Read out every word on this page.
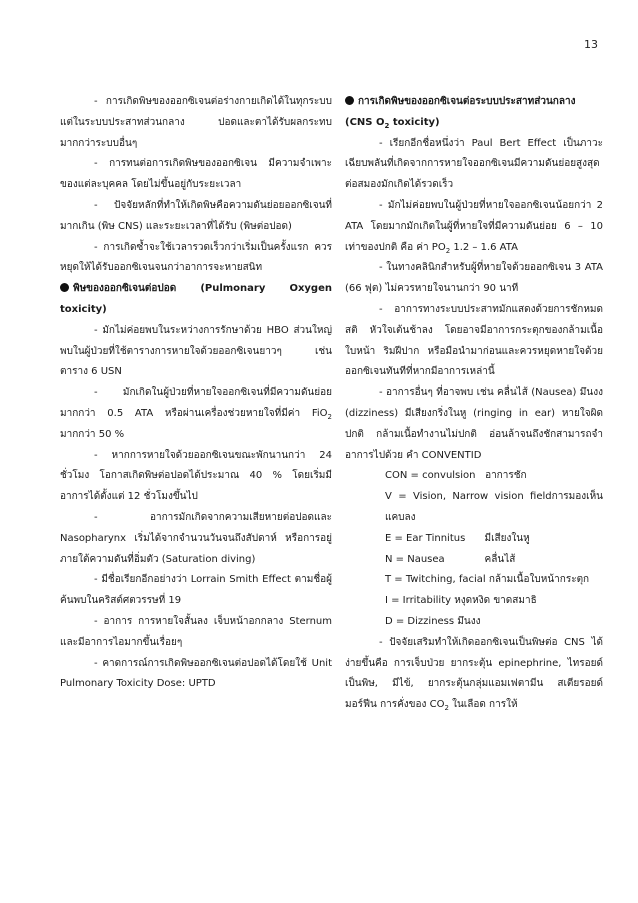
13

- การเกิดพิษของออกซิเจนต่อร่างกายเกิดได้ในทุกระบบแต่ในระบบประสาทส่วนกลาง ปอดและตาได้รับผลกระทบมากกว่าระบบอื่นๆ

- การทนต่อการเกิดพิษของออกซิเจน มีความจำเพาะของแต่ละบุคคล โดยไม่ขึ้นอยู่กับระยะเวลา

- ปัจจัยหลักที่ทำให้เกิดพิษคือความดันย่อยออกซิเจนที่มากเกิน (พิษ CNS) และระยะเวลาที่ได้รับ (พิษต่อปอด)

- การเกิดซ้ำจะใช้เวลารวดเร็วกว่าเริ่มเป็นครั้งแรก ควรหยุดให้ได้รับออกซิเจนจนกว่าอาการจะหายสนิท

พิษของออกซิเจนต่อปอด (Pulmonary Oxygen toxicity)

- มักไม่ค่อยพบในระหว่างการรักษาด้วย HBO ส่วนใหญ่พบในผู้ป่วยที่ใช้ตารางการหายใจด้วยออกซิเจนยาวๆ เช่น ตาราง 6 USN

- มักเกิดในผู้ป่วยที่หายใจออกซิเจนที่มีความดันย่อยมากกว่า 0.5 ATA หรือผ่านเครื่องช่วยหายใจที่มีค่า FiO$_2$ มากกว่า 50 %

- หากการหายใจด้วยออกซิเจนขณะพักนานกว่า 24 ชั่วโมง โอกาสเกิดพิษต่อปอดได้ประมาณ 40 % โดยเริ่มมีอาการได้ตั้งแต่ 12 ชั่วโมงขึ้นไป

- อาการมักเกิดจากความเสียหายต่อปอดและ Nasopharynx เริ่มได้จากจำนวนวันจนถึงสัปดาห์ หรือการอยู่ภายใต้ความดันที่อิ่มตัว (Saturation diving)

- มีชื่อเรียกอีกอย่างว่า Lorrain Smith Effect ตามชื่อผู้ค้นพบในคริสต์ศตวรรษที่ 19

- อาการ การหายใจสั้นลง เจ็บหน้าอกกลาง Sternum และมีอาการไอมากขึ้นเรื่อยๆ

- คาดการณ์การเกิดพิษออกซิเจนต่อปอดได้โดยใช้ Unit Pulmonary Toxicity Dose: UPTD

การเกิดพิษของออกซิเจนต่อระบบประสาทส่วนกลาง (CNS $O_2$ toxicity)

- เรียกอีกชื่อหนึ่งว่า Paul Bert Effect เป็นภาวะเฉียบพลันที่เกิดจากการหายใจออกซิเจนมีความดันย่อยสูงสุดต่อสมองมักเกิดได้รวดเร็ว

- มักไม่ค่อยพบในผู้ป่วยที่หายใจออกซิเจนน้อยกว่า 2 ATA โดยมากมักเกิดในผู้ที่หายใจที่มีความดันย่อย 6 – 10 เท่าของปกติ คือ ค่า $PO_2$ 1.2 – 1.6 ATA

- ในทางคลินิกสำหรับผู้ที่หายใจด้วยออกซิเจน 3 ATA (66 ฟุต) ไม่ควรหายใจนานกว่า 90 นาที

- อาการทางระบบประสาทมักแสดงด้วยการชักหมดสติ หัวใจเต้นช้าลง โดยอาจมีอาการกระตุกของกล้ามเนื้อ ใบหน้า ริมฝีปาก หรือมือนำมาก่อนและควรหยุดหายใจด้วยออกซิเจนทันทีที่หากมีอาการเหล่านี้

- อาการอื่นๆ ที่อาจพบ เช่น คลื่นไส้ (Nausea) มึนงง (dizziness) มีเสียงกริ่งในหู (ringing in ear) หายใจผิดปกติ กล้ามเนื้อทำงานไม่ปกติ อ่อนล้าจนถึงชักสามารถจำอาการไปด้วย คำ CONVENTID

CON = convulsion อาการชัก

V = Vision, Narrow vision fieldการมองเห็นแคบลง

E = Ear Tinnitus มีเสียงในหู

N = Nausea	คลื่นไส้

T = Twitching, facial กล้ามเนื้อใบหน้ากระตุก

I = Irritability หงุดหงิด ขาดสมาธิ

D = Dizziness มึนงง

- ปัจจัยเสริมทำให้เกิดออกซิเจนเป็นพิษต่อ CNS ได้ง่ายขึ้นคือ การเจ็บป่วย ยากระตุ้น epinephrine, ไทรอยด์เป็นพิษ, มีไข้, ยากระตุ้นกลุ่มแอมเฟตามีน สเตียรอยด์ มอร์ฟีน การคั่งของ $CO_2$ ในเลือด การให้
